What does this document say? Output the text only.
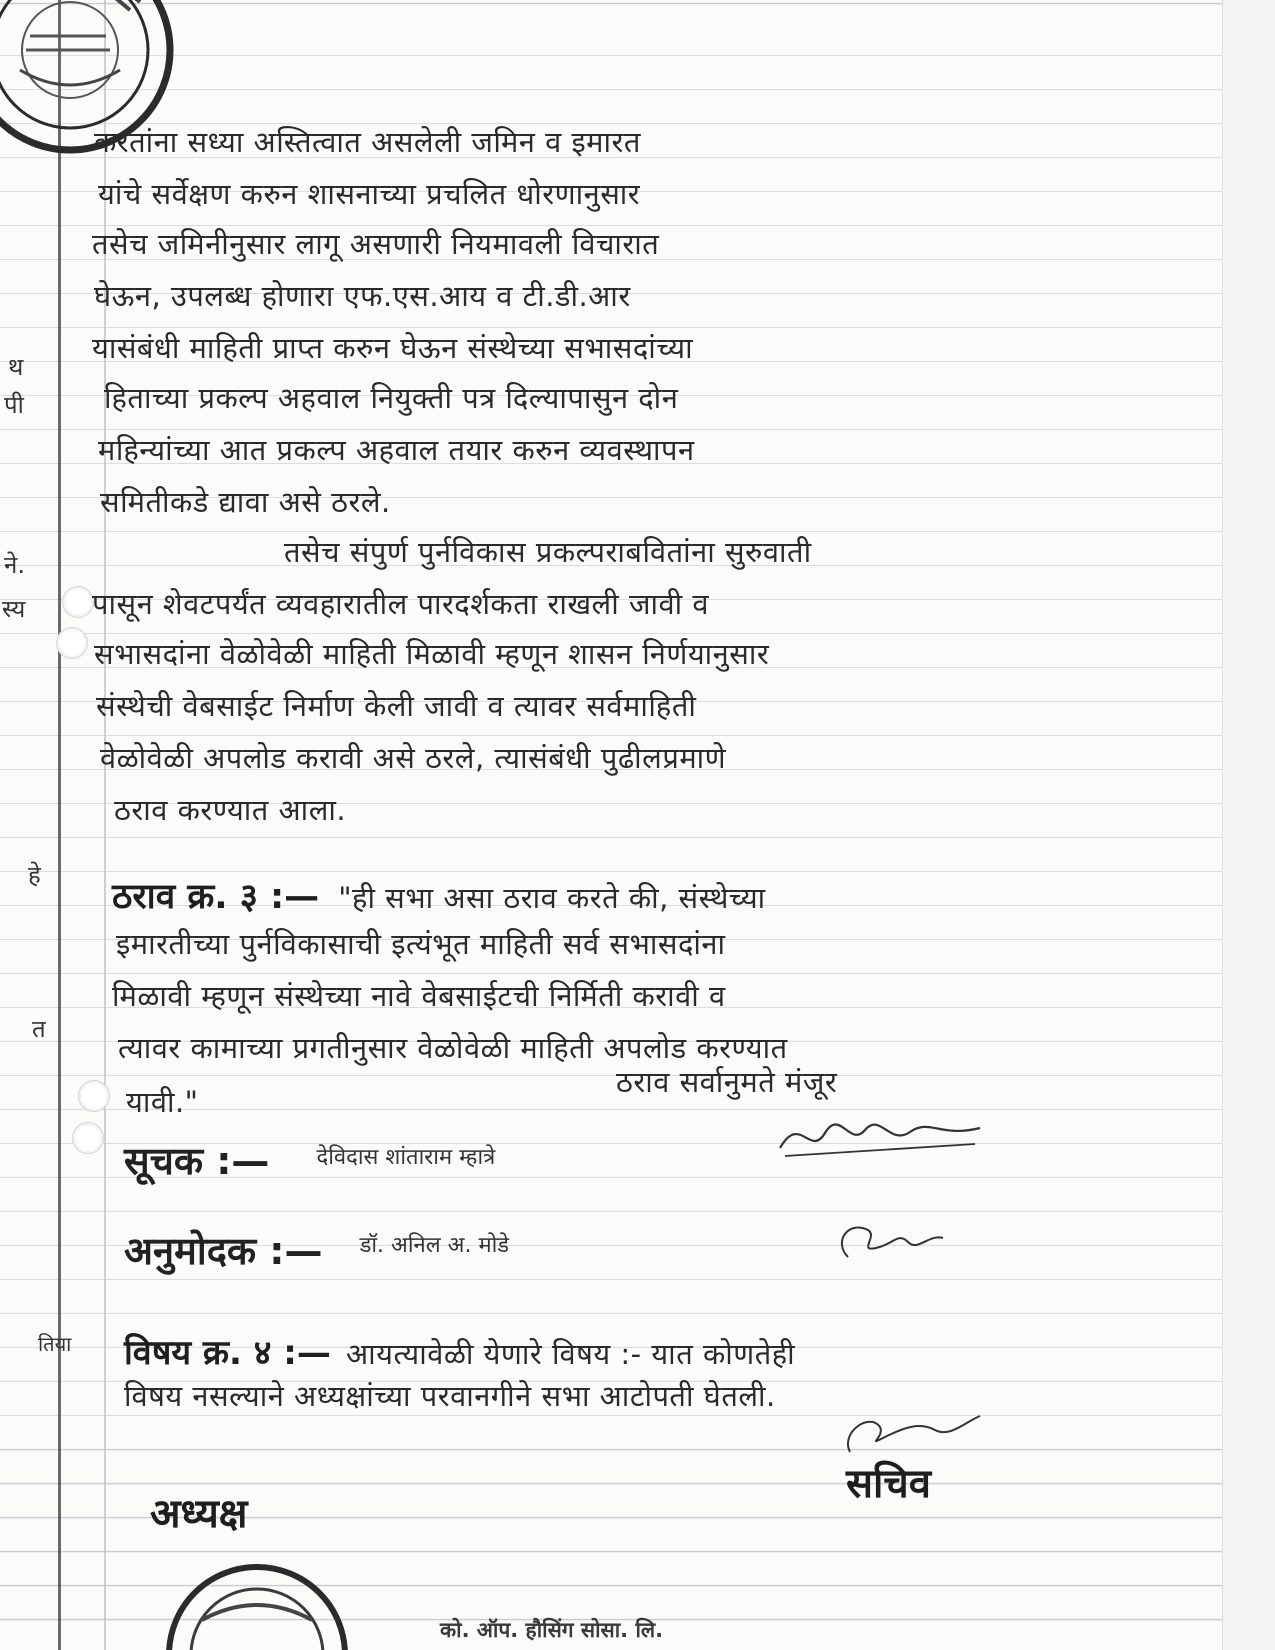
थ
पी
ने.
स्य
हे
त
तिया
करतांना सध्या अस्तित्वात असलेली जमिन व इमारत
यांचे सर्वेक्षण करुन शासनाच्या प्रचलित धोरणानुसार
तसेच जमिनीनुसार लागू असणारी नियमावली विचारात
घेऊन, उपलब्ध होणारा एफ.एस.आय व टी.डी.आर
यासंबंधी माहिती प्राप्त करुन घेऊन संस्थेच्या सभासदांच्या
हिताच्या प्रकल्प अहवाल नियुक्ती पत्र दिल्यापासुन दोन
महिन्यांच्या आत प्रकल्प अहवाल तयार करुन व्यवस्थापन
समितीकडे द्यावा असे ठरले.
तसेच संपुर्ण पुर्नविकास प्रकल्पराबवितांना सुरुवाती
पासून शेवटपर्यंत व्यवहारातील पारदर्शकता राखली जावी व
सभासदांना वेळोवेळी माहिती मिळावी म्हणून शासन निर्णयानुसार
संस्थेची वेबसाईट निर्माण केली जावी व त्यावर सर्वमाहिती
वेळोवेळी अपलोड करावी असे ठरले, त्यासंबंधी पुढीलप्रमाणे
ठराव करण्यात आला.
ठराव क्र. ३ :— "ही सभा असा ठराव करते की, संस्थेच्या
इमारतीच्या पुर्नविकासाची इत्यंभूत माहिती सर्व सभासदांना
मिळावी म्हणून संस्थेच्या नावे वेबसाईटची निर्मिती करावी व
त्यावर कामाच्या प्रगतीनुसार वेळोवेळी माहिती अपलोड करण्यात
यावी."
ठराव सर्वानुमते मंजूर
सूचक :— देविदास शांताराम म्हात्रे
अनुमोदक :— डॉ. अनिल अ. मोडे
विषय क्र. ४ :— आयत्यावेळी येणारे विषय :- यात कोणतेही
विषय नसल्याने अध्यक्षांच्या परवानगीने सभा आटोपती घेतली.
अध्यक्ष
सचिव
को. ऑप. हौसिंग सोसा. लि.
